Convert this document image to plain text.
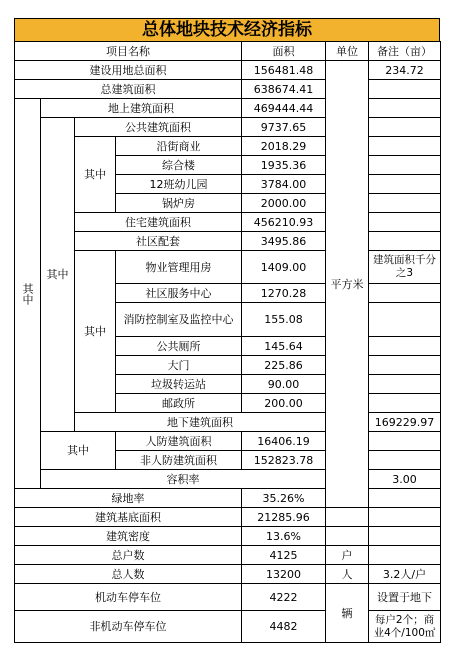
总体地块技术经济指标
项目名称				面积	单位	备注（亩）	
建设用地总面积				156481.48	平方米	234.72	
总建筑面积				638674.41			
其中	地上建筑面积			469444.44			
	其中	公共建筑面积		9737.65			
		其中	沿街商业	2018.29			
			综合楼	1935.36			
			12班幼儿园	3784.00			
			锅炉房	2000.00			
		住宅建筑面积		456210.93			
		社区配套		3495.86			
		其中	物业管理用房	1409.00		建筑面积千分之3	
			社区服务中心	1270.28			
			消防控制室及监控中心	155.08			
			公共厕所	145.64			
			大门	225.86			
			垃圾转运站	90.00			
			邮政所	200.00			
		地下建筑面积				169229.97	
	其中		人防建筑面积	16406.19			
			非人防建筑面积	152823.78			
	容积率					3.00	
绿地率				35.26%			
建筑基底面积				21285.96			
建筑密度				13.6%			
总户数				4125	户		
总人数				13200	人	3.2人/户	
机动车停车位				4222	辆	设置于地下	
非机动车停车位				4482		每户2个；商业4个/100㎡	
